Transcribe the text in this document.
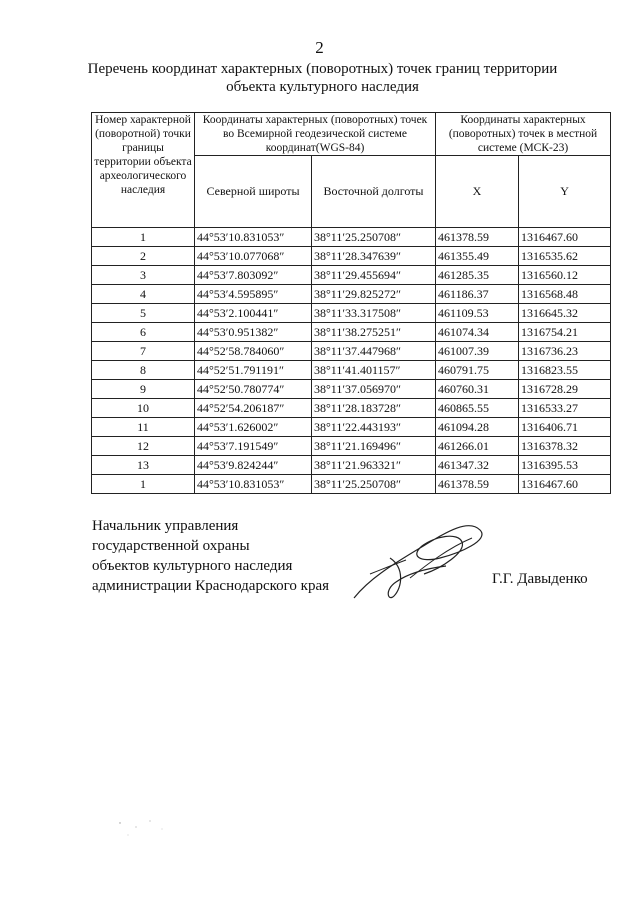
2
Перечень координат характерных (поворотных) точек границ территории
объекта культурного наследия
Номер характерной (поворотной) точки границы территории объекта археологического наследия	Координаты характерных (поворотных) точек во Всемирной геодезической системе координат(WGS-84)		Координаты характерных (поворотных) точек в местной системе (МСК-23)	
	Северной широты	Восточной долготы	X	Y
1	44°53′10.831053″	38°11′25.250708″	461378.59	1316467.60
2	44°53′10.077068″	38°11′28.347639″	461355.49	1316535.62
3	44°53′7.803092″	38°11′29.455694″	461285.35	1316560.12
4	44°53′4.595895″	38°11′29.825272″	461186.37	1316568.48
5	44°53′2.100441″	38°11′33.317508″	461109.53	1316645.32
6	44°53′0.951382″	38°11′38.275251″	461074.34	1316754.21
7	44°52′58.784060″	38°11′37.447968″	461007.39	1316736.23
8	44°52′51.791191″	38°11′41.401157″	460791.75	1316823.55
9	44°52′50.780774″	38°11′37.056970″	460760.31	1316728.29
10	44°52′54.206187″	38°11′28.183728″	460865.55	1316533.27
11	44°53′1.626002″	38°11′22.443193″	461094.28	1316406.71
12	44°53′7.191549″	38°11′21.169496″	461266.01	1316378.32
13	44°53′9.824244″	38°11′21.963321″	461347.32	1316395.53
1	44°53′10.831053″	38°11′25.250708″	461378.59	1316467.60
Начальник управления
государственной охраны
объектов культурного наследия
администрации Краснодарского края	Г.Г. Давыденко
